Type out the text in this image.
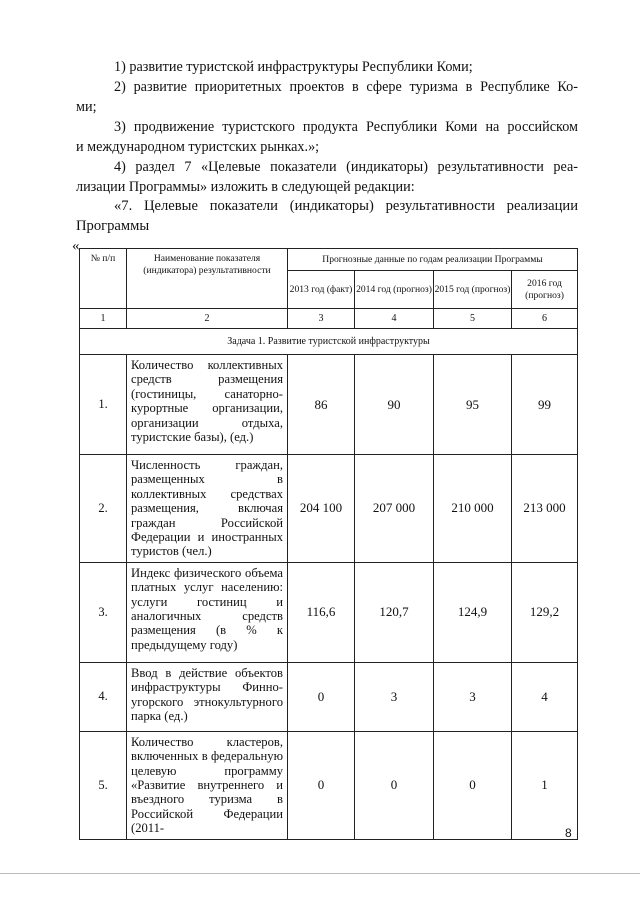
1) развитие туристской инфраструктуры Республики Коми;

2) развитие приоритетных проектов в сфере туризма в Республике Ко-

ми;

3) продвижение туристского продукта Республики Коми на российском

и международном туристских рынках.»;

4) раздел 7 «Целевые показатели (индикаторы) результативности реа-

лизации Программы» изложить в следующей редакции:

«7. Целевые показатели (индикаторы) результативности реализации

Программы

«
№ п/п	Наименование показателя (индикатора) результативности	Прогнозные данные по годам реализации Программы			
		2013 год (факт)	2014 год (прогноз)	2015 год (прогноз)	2016 год (прогноз)
1	2	3	4	5	6
Задача 1. Развитие туристской инфраструктуры					
1.	Количество коллективных средств размещения (гостиницы, санаторно-курортные организации, организации отдыха, туристские базы), (ед.)	86	90	95	99
2.	Численность граждан, размещенных в коллективных средствах размещения, включая граждан Российской Федерации и иностранных туристов (чел.)	204 100	207 000	210 000	213 000
3.	Индекс физического объема платных услуг населению: услуги гостиниц и аналогичных средств размещения (в % к предыдущему году)	116,6	120,7	124,9	129,2
4.	Ввод в действие объектов инфраструктуры Финно-угорского этнокультурного парка (ед.)	0	3	3	4
5.	Количество кластеров, включенных в федеральную целевую программу «Развитие внутреннего и въездного туризма в Российской Федерации (2011-	0	0	0	1
8
